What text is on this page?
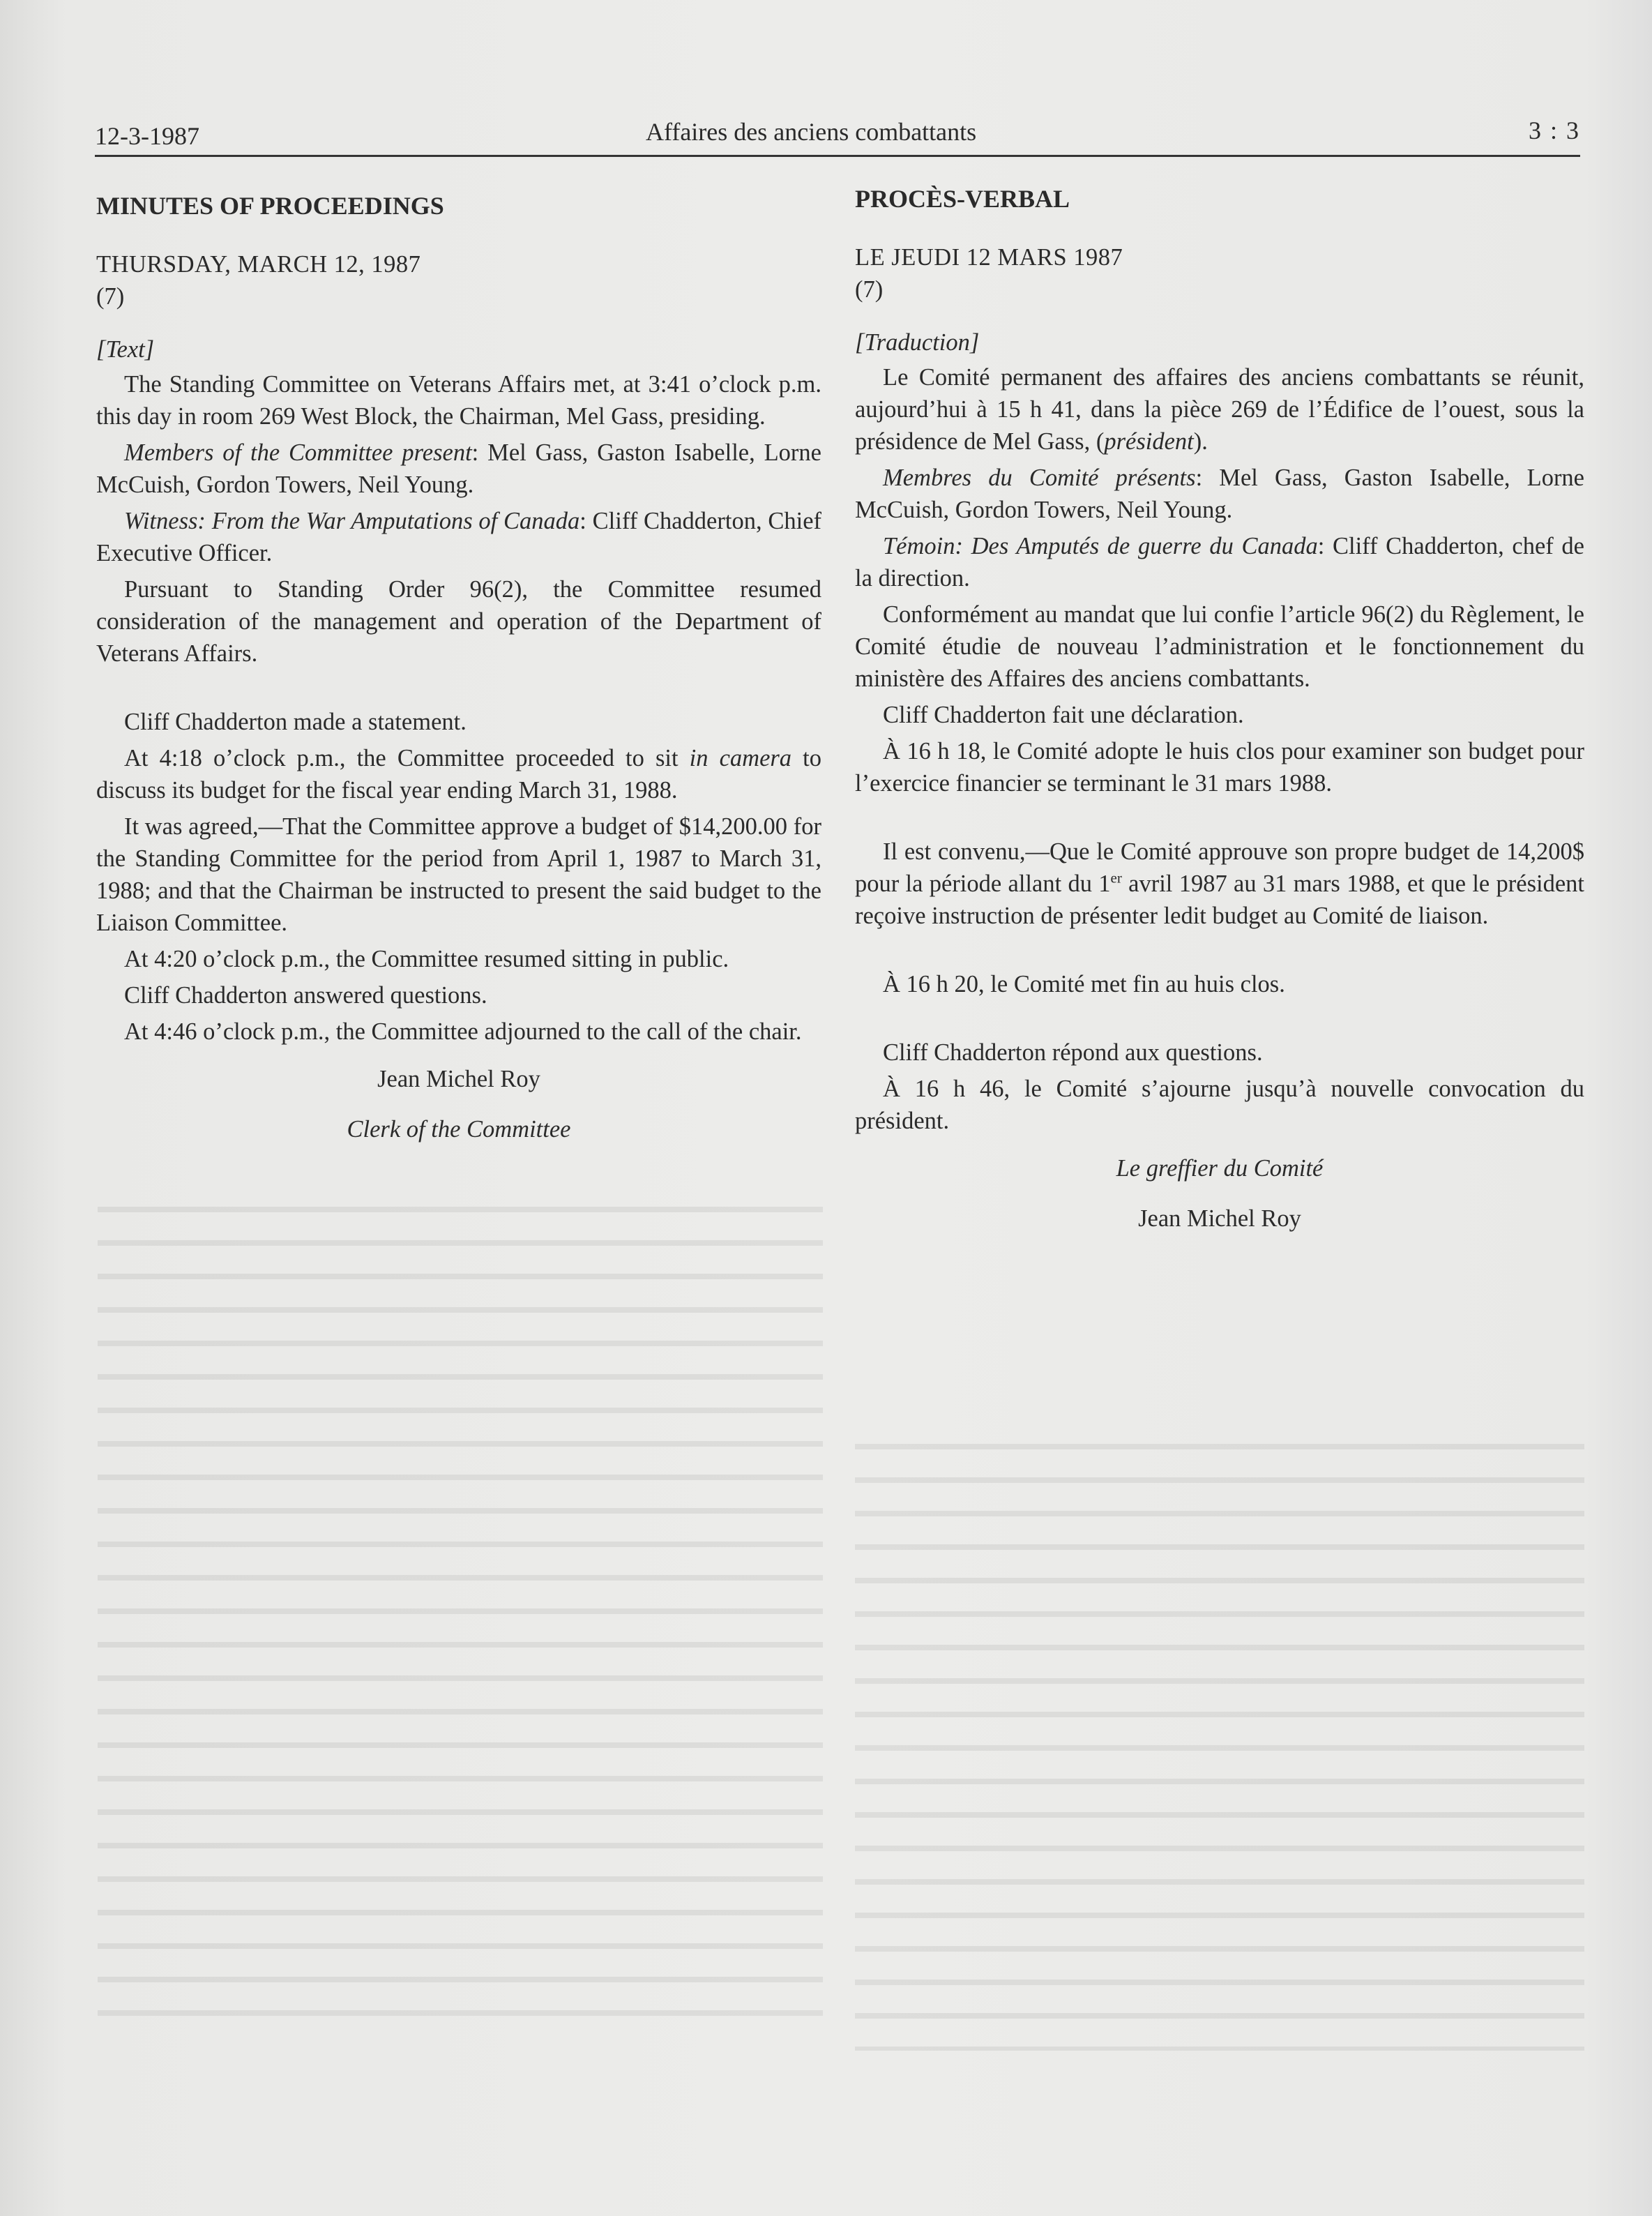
12-3-1987	Affaires des anciens combattants	3 : 3

MINUTES OF PROCEEDINGS

THURSDAY, MARCH 12, 1987

(7)

[Text]

The Standing Committee on Veterans Affairs met, at 3:41 o’clock p.m. this day in room 269 West Block, the Chairman, Mel Gass, presiding.

Members of the Committee present: Mel Gass, Gaston Isabelle, Lorne McCuish, Gordon Towers, Neil Young.

Witness: From the War Amputations of Canada: Cliff Chadderton, Chief Executive Officer.

Pursuant to Standing Order 96(2), the Committee resumed consideration of the management and operation of the Department of Veterans Affairs.

Cliff Chadderton made a statement.

At 4:18 o’clock p.m., the Committee proceeded to sit in camera to discuss its budget for the fiscal year ending March 31, 1988.

It was agreed,—That the Committee approve a budget of $14,200.00 for the Standing Committee for the period from April 1, 1987 to March 31, 1988; and that the Chairman be instructed to present the said budget to the Liaison Committee.

At 4:20 o’clock p.m., the Committee resumed sitting in public.

Cliff Chadderton answered questions.

At 4:46 o’clock p.m., the Committee adjourned to the call of the chair.

Jean Michel Roy

Clerk of the Committee

PROCÈS-VERBAL

LE JEUDI 12 MARS 1987

(7)

[Traduction]

Le Comité permanent des affaires des anciens combattants se réunit, aujourd’hui à 15 h 41, dans la pièce 269 de l’Édifice de l’ouest, sous la présidence de Mel Gass, (président).

Membres du Comité présents: Mel Gass, Gaston Isabelle, Lorne McCuish, Gordon Towers, Neil Young.

Témoin: Des Amputés de guerre du Canada: Cliff Chadderton, chef de la direction.

Conformément au mandat que lui confie l’article 96(2) du Règlement, le Comité étudie de nouveau l’administration et le fonctionnement du ministère des Affaires des anciens combattants.

Cliff Chadderton fait une déclaration.

À 16 h 18, le Comité adopte le huis clos pour examiner son budget pour l’exercice financier se terminant le 31 mars 1988.

Il est convenu,—Que le Comité approuve son propre budget de 14,200$ pour la période allant du 1er avril 1987 au 31 mars 1988, et que le président reçoive instruction de présenter ledit budget au Comité de liaison.

À 16 h 20, le Comité met fin au huis clos.

Cliff Chadderton répond aux questions.

À 16 h 46, le Comité s’ajourne jusqu’à nouvelle convocation du président.

Le greffier du Comité

Jean Michel Roy
